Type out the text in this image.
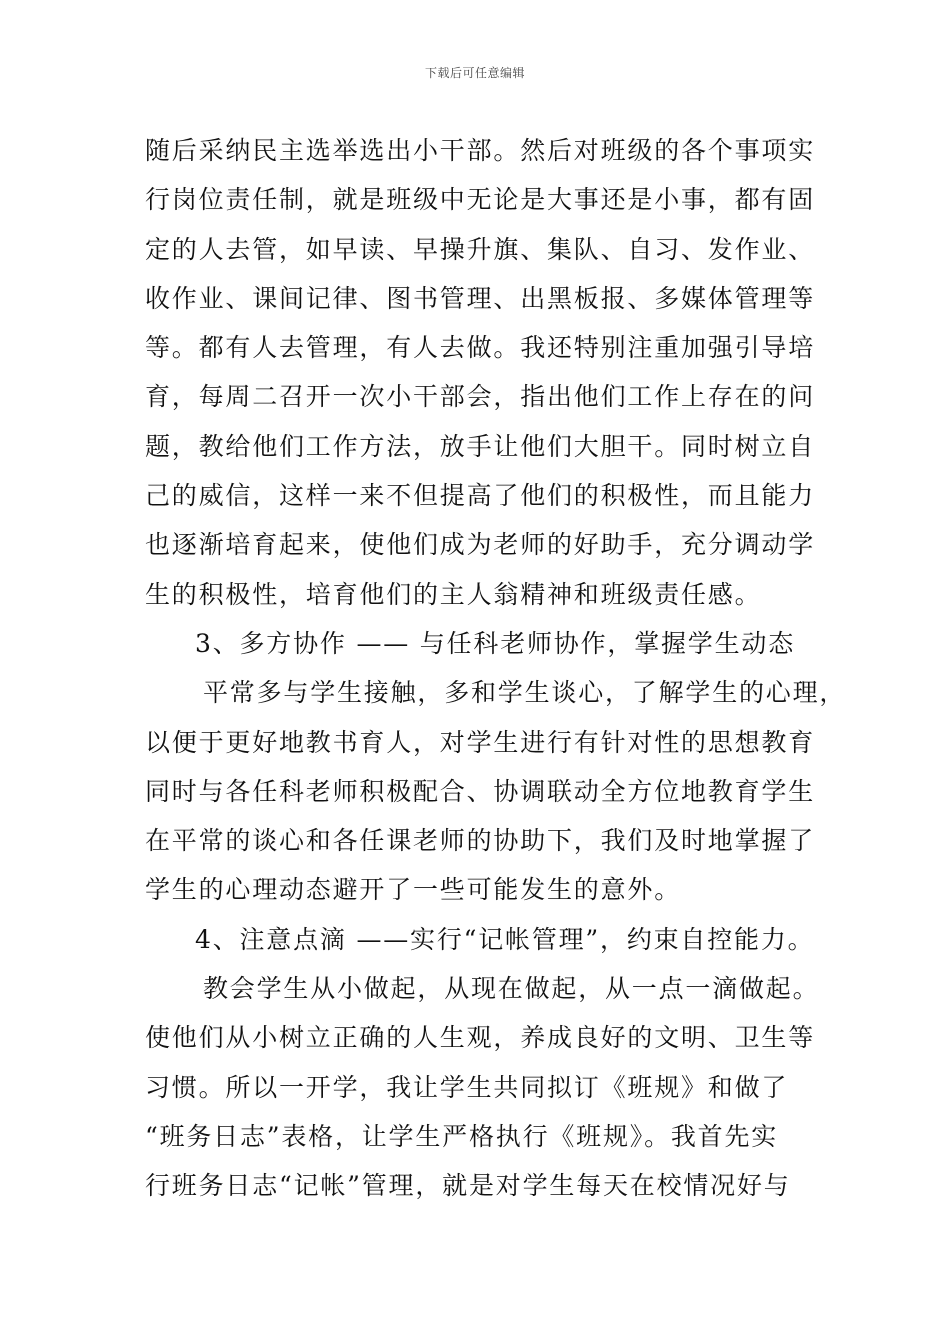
下载后可任意编辑
随后采纳民主选举选出小干部。然后对班级的各个事项实
行岗位责任制，就是班级中无论是大事还是小事，都有固
定的人去管，如早读、早操升旗、集队、自习、发作业、
收作业、课间记律、图书管理、出黑板报、多媒体管理等
等。都有人去管理，有人去做。我还特别注重加强引导培
育，每周二召开一次小干部会，指出他们工作上存在的问
题，教给他们工作方法，放手让他们大胆干。同时树立自
己的威信，这样一来不但提高了他们的积极性，而且能力
也逐渐培育起来，使他们成为老师的好助手，充分调动学
生的积极性，培育他们的主人翁精神和班级责任感。
3、多方协作 —— 与任科老师协作，掌握学生动态
平常多与学生接触，多和学生谈心，了解学生的心理，
以便于更好地教书育人，对学生进行有针对性的思想教育
同时与各任科老师积极配合、协调联动全方位地教育学生
在平常的谈心和各任课老师的协助下，我们及时地掌握了
学生的心理动态避开了一些可能发生的意外。
4、注意点滴 ——实行“记帐管理”，约束自控能力。
教会学生从小做起，从现在做起，从一点一滴做起。
使他们从小树立正确的人生观，养成良好的文明、卫生等
习惯。所以一开学，我让学生共同拟订《班规》和做了
“班务日志”表格，让学生严格执行《班规》。我首先实
行班务日志“记帐”管理，就是对学生每天在校情况好与
